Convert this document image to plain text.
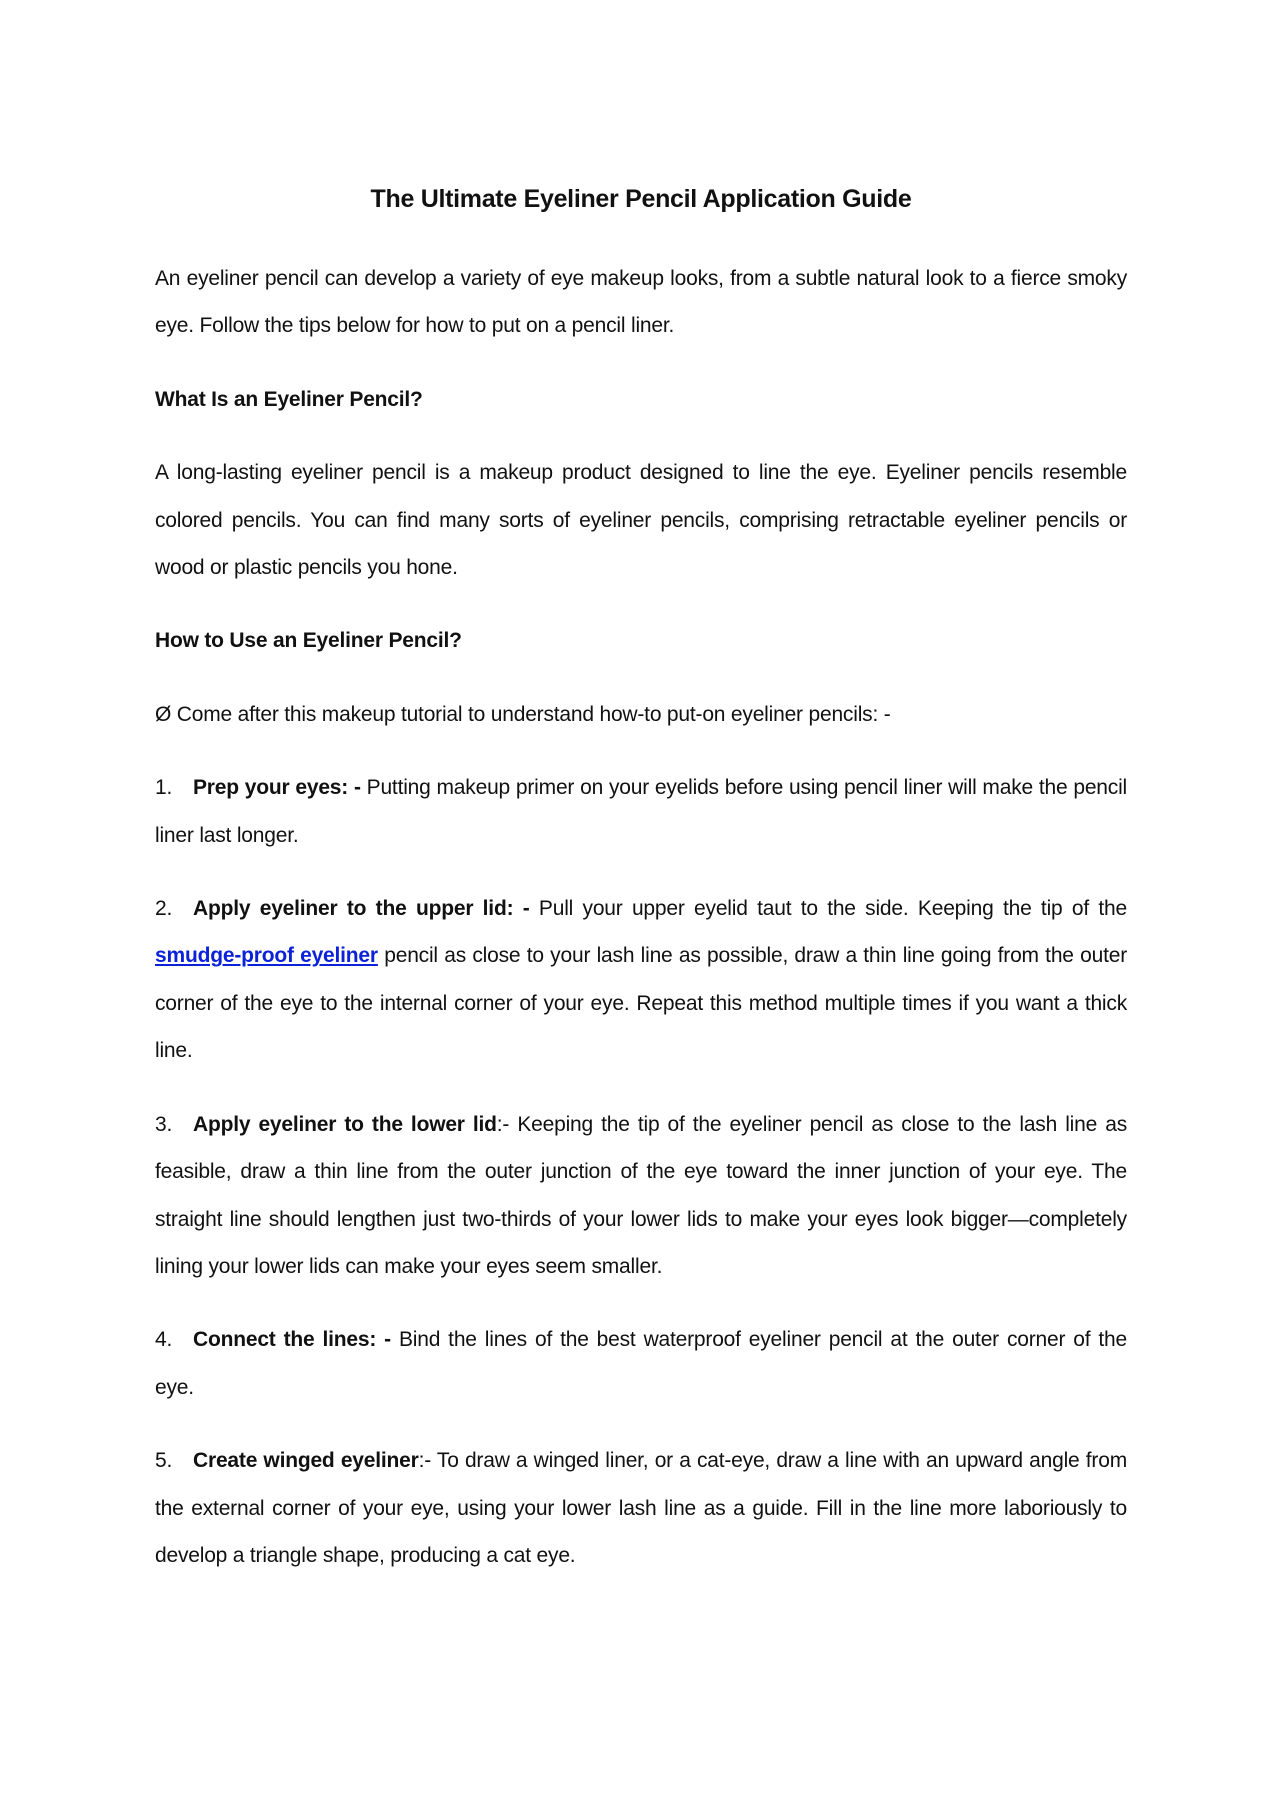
The Ultimate Eyeliner Pencil Application Guide

An eyeliner pencil can develop a variety of eye makeup looks, from a subtle natural look to a fierce smoky eye. Follow the tips below for how to put on a pencil liner.

What Is an Eyeliner Pencil?

A long-lasting eyeliner pencil is a makeup product designed to line the eye. Eyeliner pencils resemble colored pencils. You can find many sorts of eyeliner pencils, comprising retractable eyeliner pencils or wood or plastic pencils you hone.

How to Use an Eyeliner Pencil?

Ø Come after this makeup tutorial to understand how-to put-on eyeliner pencils: -

1. Prep your eyes: - Putting makeup primer on your eyelids before using pencil liner will make the pencil liner last longer.

2. Apply eyeliner to the upper lid: - Pull your upper eyelid taut to the side. Keeping the tip of the smudge-proof eyeliner pencil as close to your lash line as possible, draw a thin line going from the outer corner of the eye to the internal corner of your eye. Repeat this method multiple times if you want a thick line.

3. Apply eyeliner to the lower lid:- Keeping the tip of the eyeliner pencil as close to the lash line as feasible, draw a thin line from the outer junction of the eye toward the inner junction of your eye. The straight line should lengthen just two-thirds of your lower lids to make your eyes look bigger—completely lining your lower lids can make your eyes seem smaller.

4. Connect the lines: - Bind the lines of the best waterproof eyeliner pencil at the outer corner of the eye.

5. Create winged eyeliner:- To draw a winged liner, or a cat-eye, draw a line with an upward angle from the external corner of your eye, using your lower lash line as a guide. Fill in the line more laboriously to develop a triangle shape, producing a cat eye.
